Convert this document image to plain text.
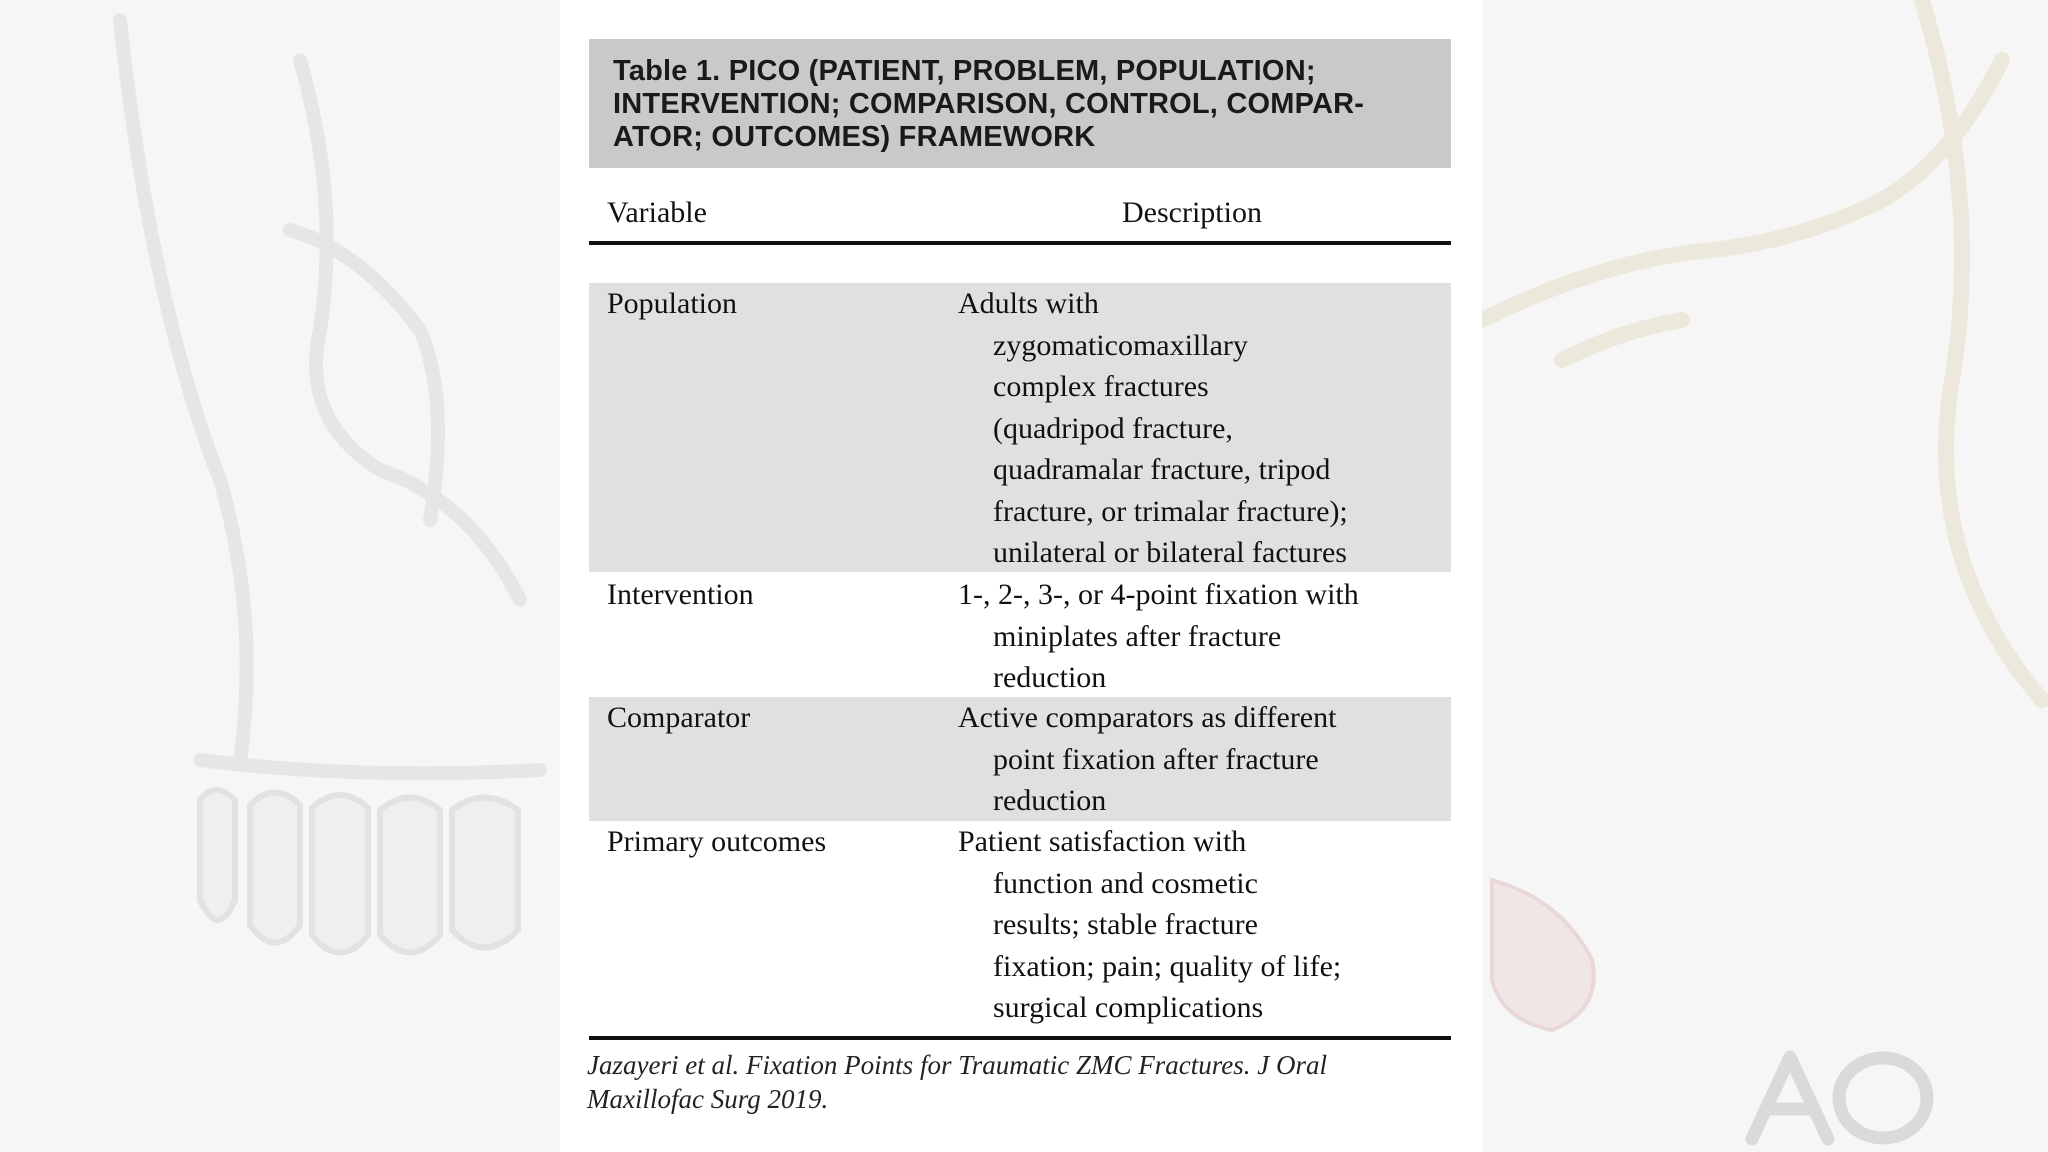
Table 1. PICO (PATIENT, PROBLEM, POPULATION;

INTERVENTION; COMPARISON, CONTROL, COMPAR-

ATOR; OUTCOMES) FRAMEWORK

Variable	Description
Population	Adults with
zygomaticomaxillary
complex fractures
(quadripod fracture,
quadramalar fracture, tripod
fracture, or trimalar fracture);
unilateral or bilateral factures
Intervention	1-, 2-, 3-, or 4-point fixation with
miniplates after fracture
reduction
Comparator	Active comparators as different
point fixation after fracture
reduction
Primary outcomes	Patient satisfaction with
function and cosmetic
results; stable fracture
fixation; pain; quality of life;
surgical complications
Jazayeri et al. Fixation Points for Traumatic ZMC Fractures. J Oral
Maxillofac Surg 2019.
